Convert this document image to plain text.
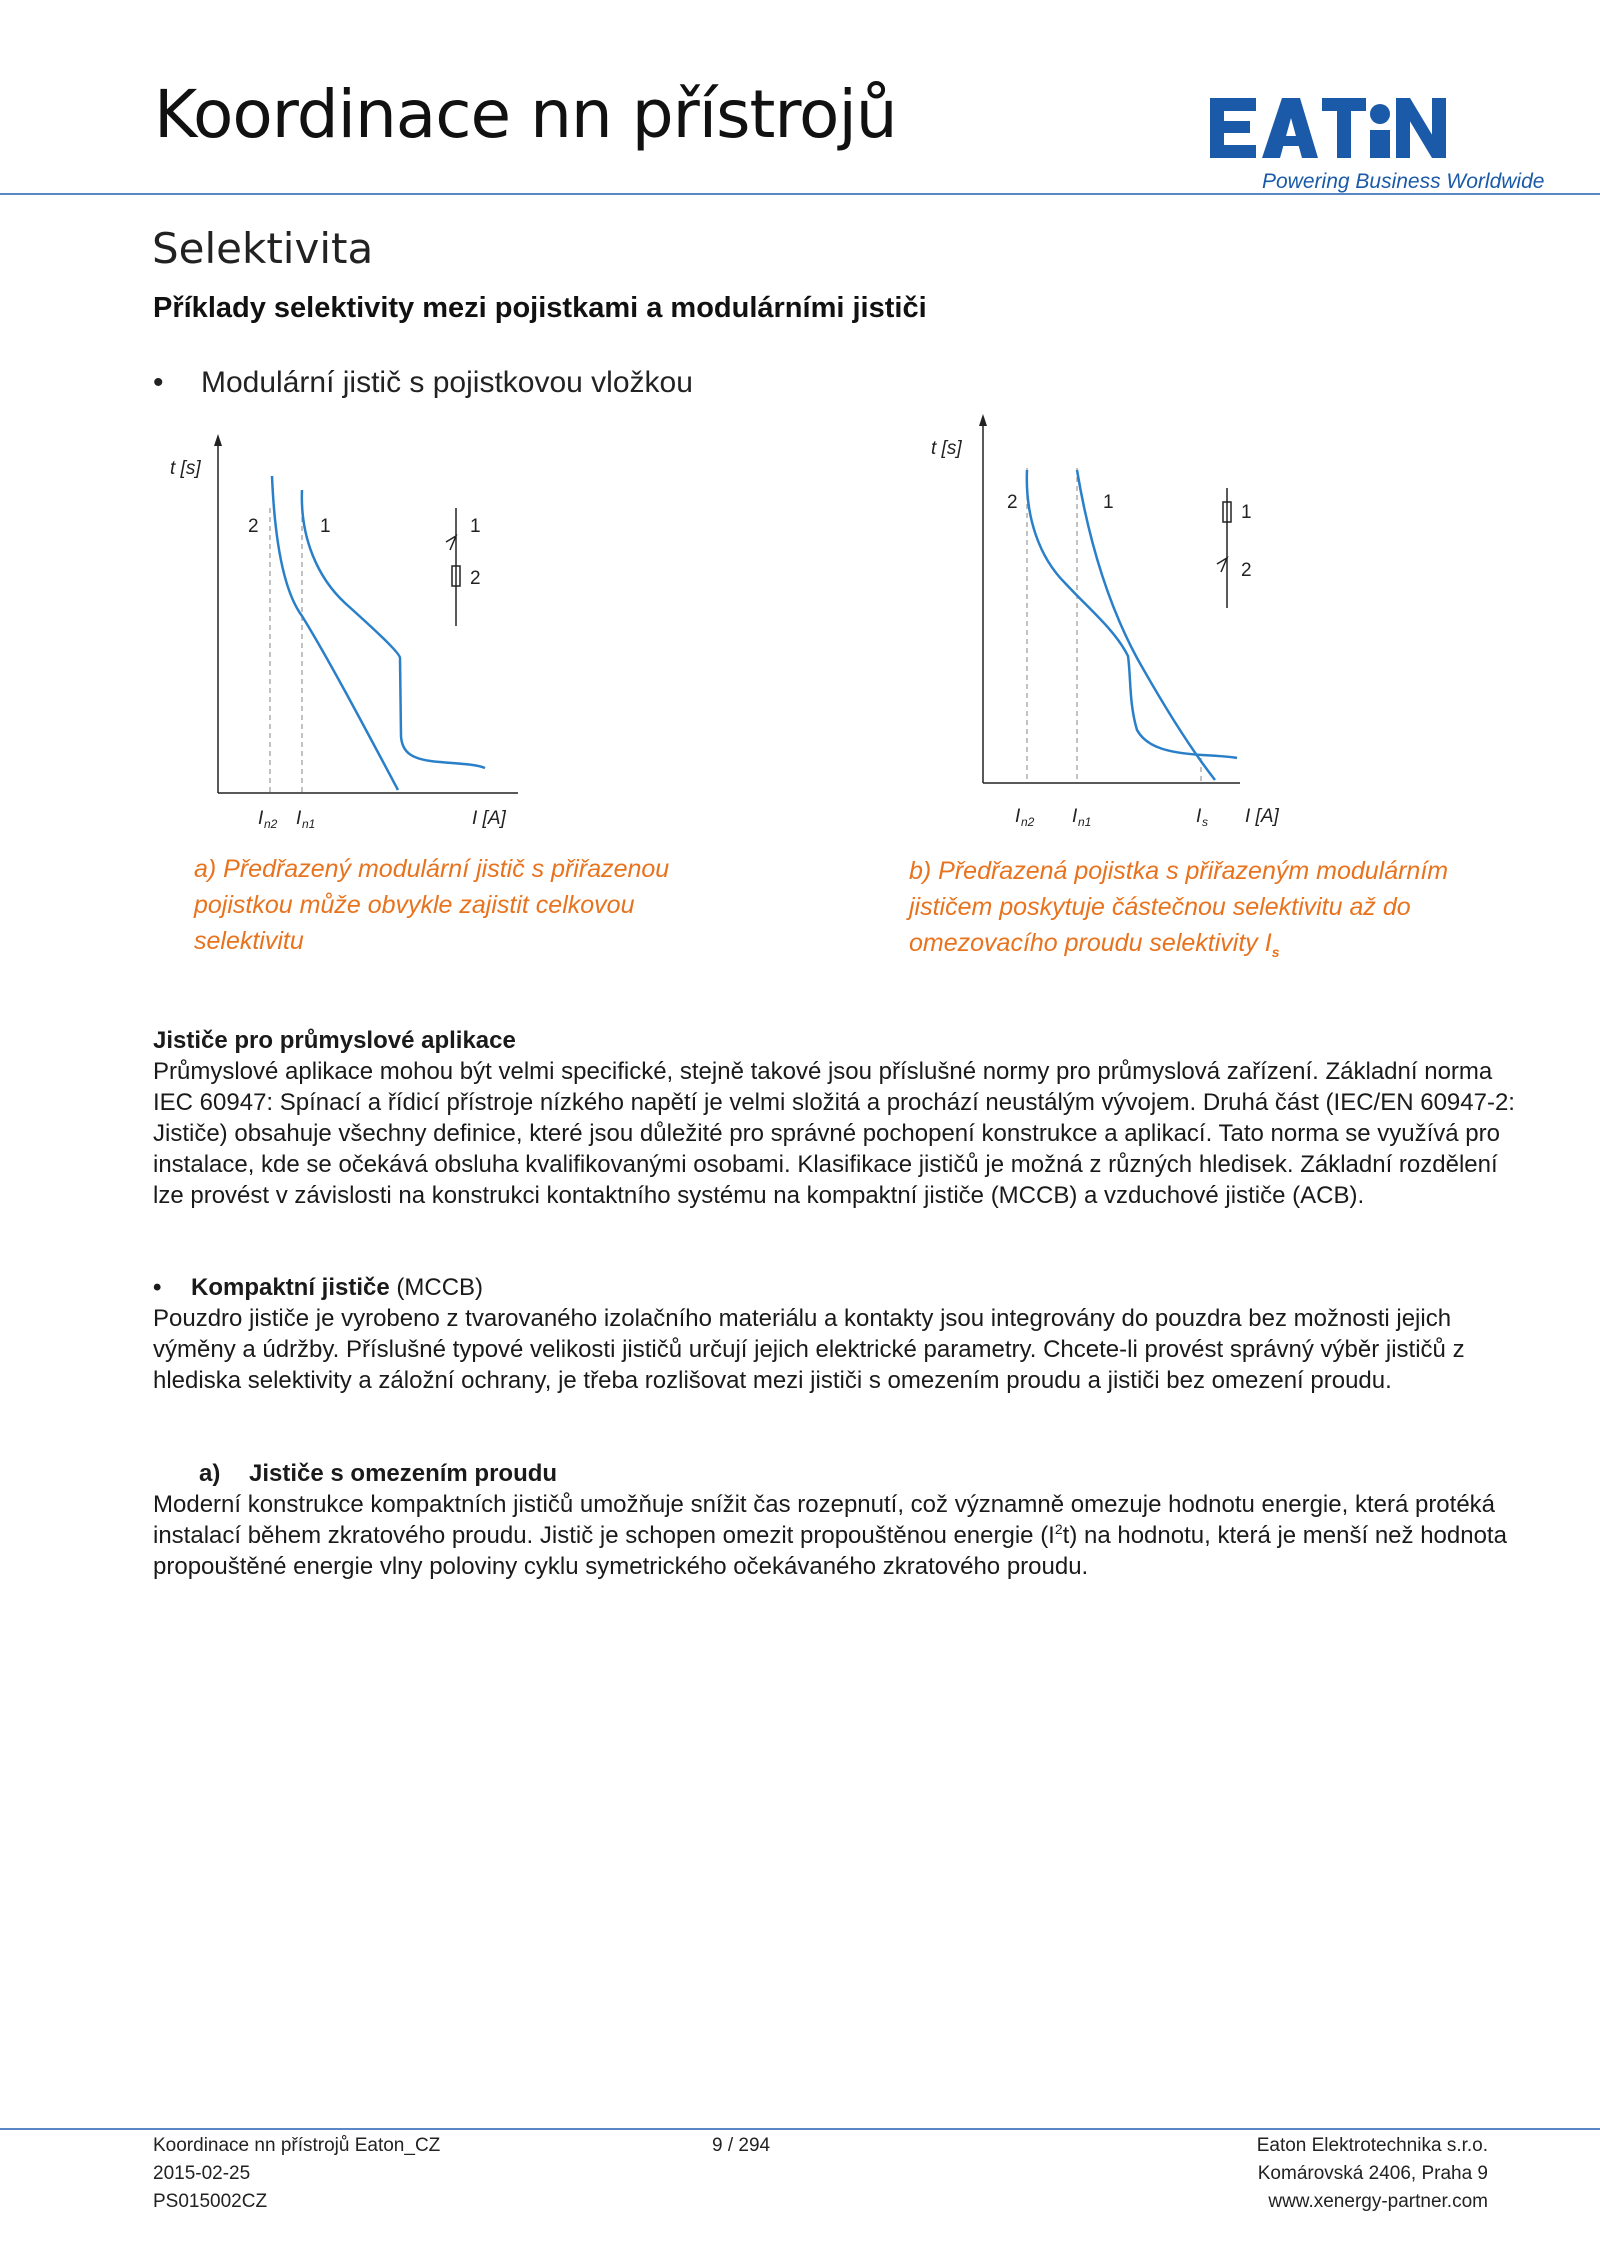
Koordinace nn přístrojů
Powering Business Worldwide
Selektivita
Příklady selektivity mezi pojistkami a modulárními jističi
• Modulární jistič s pojistkovou vložkou
t [s]
I [A]
I n2 I n1
2	1	1
2
t [s]
I [A]
I n2 I n1	I s
2	1	1
2
a) Předřazený modulární jistič s přiřazenou pojistkou může obvykle zajistit celkovou selektivitu
b) Předřazená pojistka s přiřazeným modulárním jističem poskytuje částečnou selektivitu až do omezovacího proudu selektivity $I_s$
Jističe pro průmyslové aplikace
Průmyslové aplikace mohou být velmi specifické, stejně takové jsou příslušné normy pro průmyslová zařízení. Základní norma IEC 60947: Spínací a řídicí přístroje nízkého napětí je velmi složitá a prochází neustálým vývojem. Druhá část (IEC/EN 60947-2: Jističe) obsahuje všechny definice, které jsou důležité pro správné pochopení konstrukce a aplikací. Tato norma se využívá pro instalace, kde se očekává obsluha kvalifikovanými osobami. Klasifikace jističů je možná z různých hledisek. Základní rozdělení lze provést v závislosti na konstrukci kontaktního systému na kompaktní jističe (MCCB) a vzduchové jističe (ACB).
• Kompaktní jističe (MCCB)
Pouzdro jističe je vyrobeno z tvarovaného izolačního materiálu a kontakty jsou integrovány do pouzdra bez možnosti jejich výměny a údržby. Příslušné typové velikosti jističů určují jejich elektrické parametry. Chcete-li provést správný výběr jističů z hlediska selektivity a záložní ochrany, je třeba rozlišovat mezi jističi s omezením proudu a jističi bez omezení proudu.
a) Jističe s omezením proudu
Moderní konstrukce kompaktních jističů umožňuje snížit čas rozepnutí, což významně omezuje hodnotu energie, která protéká instalací během zkratového proudu. Jistič je schopen omezit propouštěnou energie $(I^2t)$ na hodnotu, která je menší než hodnota propouštěné energie vlny poloviny cyklu symetrického očekávaného zkratového proudu.
Koordinace nn přístrojů Eaton_CZ
2015-02-25
PS015002CZ
9 / 294	Eaton Elektrotechnika s.r.o.
Komárovská 2406, Praha 9
www.xenergy-partner.com
